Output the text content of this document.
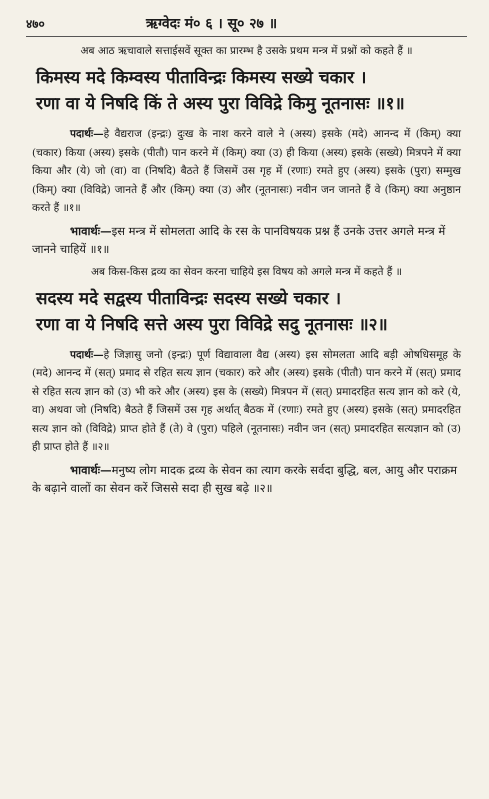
४७०	ऋग्वेदः मं० ६ । सू० २७ ॥
अब आठ ऋचावाले सत्ताईसवें सूक्त का प्रारम्भ है उसके प्रथम मन्त्र में प्रश्नों को कहते हैं ॥
किमस्य मदे किम्वस्य पीताविन्द्रः किमस्य सख्ये चकार ।
रणा वा ये निषदि किं ते अस्य पुरा विविद्रे किमु नूतनासः ॥१॥
पदार्थः—हे वैद्यराज (इन्द्रः) दुःख के नाश करने वाले ने (अस्य) इसके (मदे) आनन्द में (किम्) क्या (चकार) किया (अस्य) इसके (पीतौ) पान करने में (किम्) क्या (उ) ही किया (अस्य) इसके (सख्ये) मित्रपने में क्या किया और (ये) जो (वा) वा (निषदि) बैठते हैं जिसमें उस गृह में (रणाः) रमते हुए (अस्य) इसके (पुरा) सम्मुख (किम्) क्या (विविद्रे) जानते हैं और (किम्) क्या (उ) और (नूतनासः) नवीन जन जानते हैं वे (किम्) क्या अनुष्ठान करते हैं ॥१॥
भावार्थः—इस मन्त्र में सोमलता आदि के रस के पानविषयक प्रश्न हैं उनके उत्तर अगले मन्त्र में जानने चाहियें ॥१॥
अब किस-किस द्रव्य का सेवन करना चाहिये इस विषय को अगले मन्त्र में कहते हैं ॥
सदस्य मदे सद्वस्य पीताविन्द्रः सदस्य सख्ये चकार ।
रणा वा ये निषदि सत्ते अस्य पुरा विविद्रे सदु नूतनासः ॥२॥
पदार्थः—हे जिज्ञासु जनो (इन्द्रः) पूर्ण विद्यावाला वैद्य (अस्य) इस सोमलता आदि बड़ी ओषधिसमूह के (मदे) आनन्द में (सत्) प्रमाद से रहित सत्य ज्ञान (चकार) करे और (अस्य) इसके (पीतौ) पान करने में (सत्) प्रमाद से रहित सत्य ज्ञान को (उ) भी करे और (अस्य) इस के (सख्ये) मित्रपन में (सत्) प्रमादरहित सत्य ज्ञान को करे (ये, वा) अथवा जो (निषदि) बैठते हैं जिसमें उस गृह अर्थात् बैठक में (रणाः) रमते हुए (अस्य) इसके (सत्) प्रमादरहित सत्य ज्ञान को (विविद्रे) प्राप्त होते हैं (ते) वे (पुरा) पहिले (नूतनासः) नवीन जन (सत्) प्रमादरहित सत्यज्ञान को (उ) ही प्राप्त होते हैं ॥२॥
भावार्थः—मनुष्य लोग मादक द्रव्य के सेवन का त्याग करके सर्वदा बुद्धि, बल, आयु और पराक्रम के बढ़ाने वालों का सेवन करें जिससे सदा ही सुख बढ़े ॥२॥
